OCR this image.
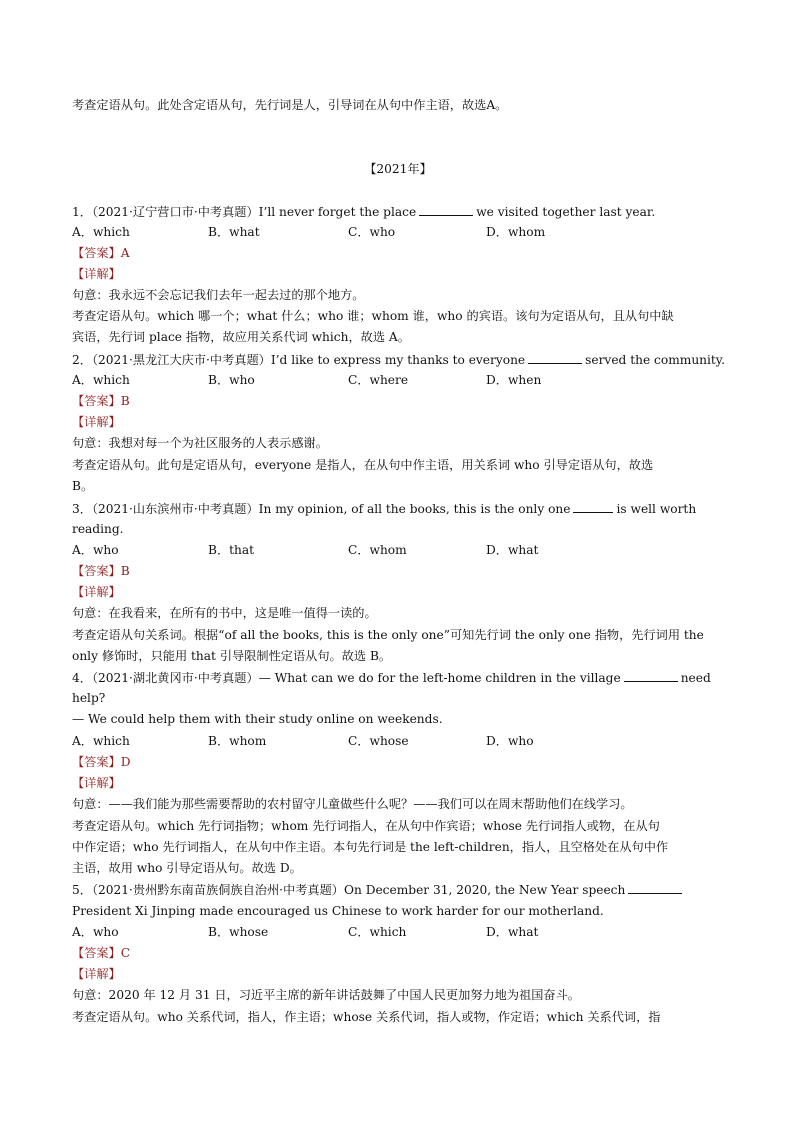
考查定语从句。此处含定语从句，先行词是人，引导词在从句中作主语，故选A。
【2021年】
1．（2021·辽宁营口市·中考真题）I’ll never forget the place	we visited together last year.
A．which	B．what	C．who	D．whom
【答案】A
【详解】
句意：我永远不会忘记我们去年一起去过的那个地方。
考查定语从句。which 哪一个；what 什么；who 谁；whom 谁，who 的宾语。该句为定语从句，且从句中缺
宾语，先行词 place 指物，故应用关系代词 which，故选 A。
2．（2021·黑龙江大庆市·中考真题）I’d like to express my thanks to everyone	served the community.
A．which	B．who	C．where	D．when
【答案】B
【详解】
句意：我想对每一个为社区服务的人表示感谢。
考查定语从句。此句是定语从句，everyone 是指人，在从句中作主语，用关系词 who 引导定语从句，故选
B。
3．（2021·山东滨州市·中考真题）In my opinion, of all the books, this is the only one	is well worth
reading.
A．who	B．that	C．whom	D．what
【答案】B
【详解】
句意：在我看来，在所有的书中，这是唯一值得一读的。
考查定语从句关系词。根据“of all the books, this is the only one”可知先行词 the only one 指物，先行词用 the
only 修饰时，只能用 that 引导限制性定语从句。故选 B。
4．（2021·湖北黄冈市·中考真题）— What can we do for the left-home children in the village	need
help?
— We could help them with their study online on weekends.
A．which	B．whom	C．whose	D．who
【答案】D
【详解】
句意：——我们能为那些需要帮助的农村留守儿童做些什么呢？——我们可以在周末帮助他们在线学习。
考查定语从句。which 先行词指物；whom 先行词指人，在从句中作宾语；whose 先行词指人或物，在从句
中作定语；who 先行词指人，在从句中作主语。本句先行词是 the left-children，指人，且空格处在从句中作
主语，故用 who 引导定语从句。故选 D。
5．（2021·贵州黔东南苗族侗族自治州·中考真题）On December 31, 2020, the New Year speech
President Xi Jinping made encouraged us Chinese to work harder for our motherland.
A．who	B．whose	C．which	D．what
【答案】C
【详解】
句意：2020 年 12 月 31 日，习近平主席的新年讲话鼓舞了中国人民更加努力地为祖国奋斗。
考查定语从句。who 关系代词，指人，作主语；whose 关系代词，指人或物，作定语；which 关系代词，指
